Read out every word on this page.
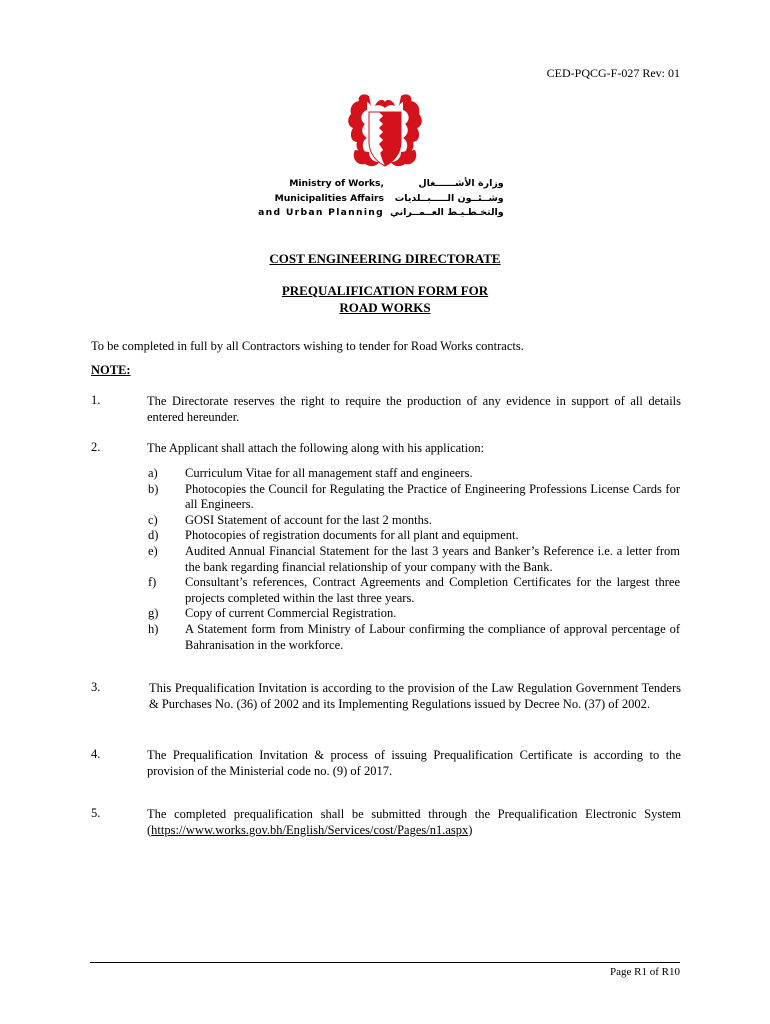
CED-PQCG-F-027 Rev: 01
Ministry of Works,
Municipalities Affairs
and Urban Planning
وزارة الأشــــــغال
وشــئــون الـــــبــلديات
والتخـطـيـط العــمــراني
COST ENGINEERING DIRECTORATE
PREQUALIFICATION FORM FOR
ROAD WORKS
To be completed in full by all Contractors wishing to tender for Road Works contracts.
NOTE:
1.	The Directorate reserves the right to require the production of any evidence in support of all details entered hereunder.
2.	The Applicant shall attach the following along with his application:
a) Curriculum Vitae for all management staff and engineers.
b) Photocopies the Council for Regulating the Practice of Engineering Professions License Cards for all Engineers.
c) GOSI Statement of account for the last 2 months.
d) Photocopies of registration documents for all plant and equipment.
e) Audited Annual Financial Statement for the last 3 years and Banker’s Reference i.e. a letter from the bank regarding financial relationship of your company with the Bank.
f) Consultant’s references, Contract Agreements and Completion Certificates for the largest three projects completed within the last three years.
g) Copy of current Commercial Registration.
h) A Statement form from Ministry of Labour confirming the compliance of approval percentage of Bahranisation in the workforce.
3.	This Prequalification Invitation is according to the provision of the Law Regulation Government Tenders & Purchases No. (36) of 2002 and its Implementing Regulations issued by Decree No. (37) of 2002.
4.	The Prequalification Invitation & process of issuing Prequalification Certificate is according to the provision of the Ministerial code no. (9) of 2017.
5.	The completed prequalification shall be submitted through the Prequalification Electronic System (https://www.works.gov.bh/English/Services/cost/Pages/n1.aspx)
Page R1 of R10
